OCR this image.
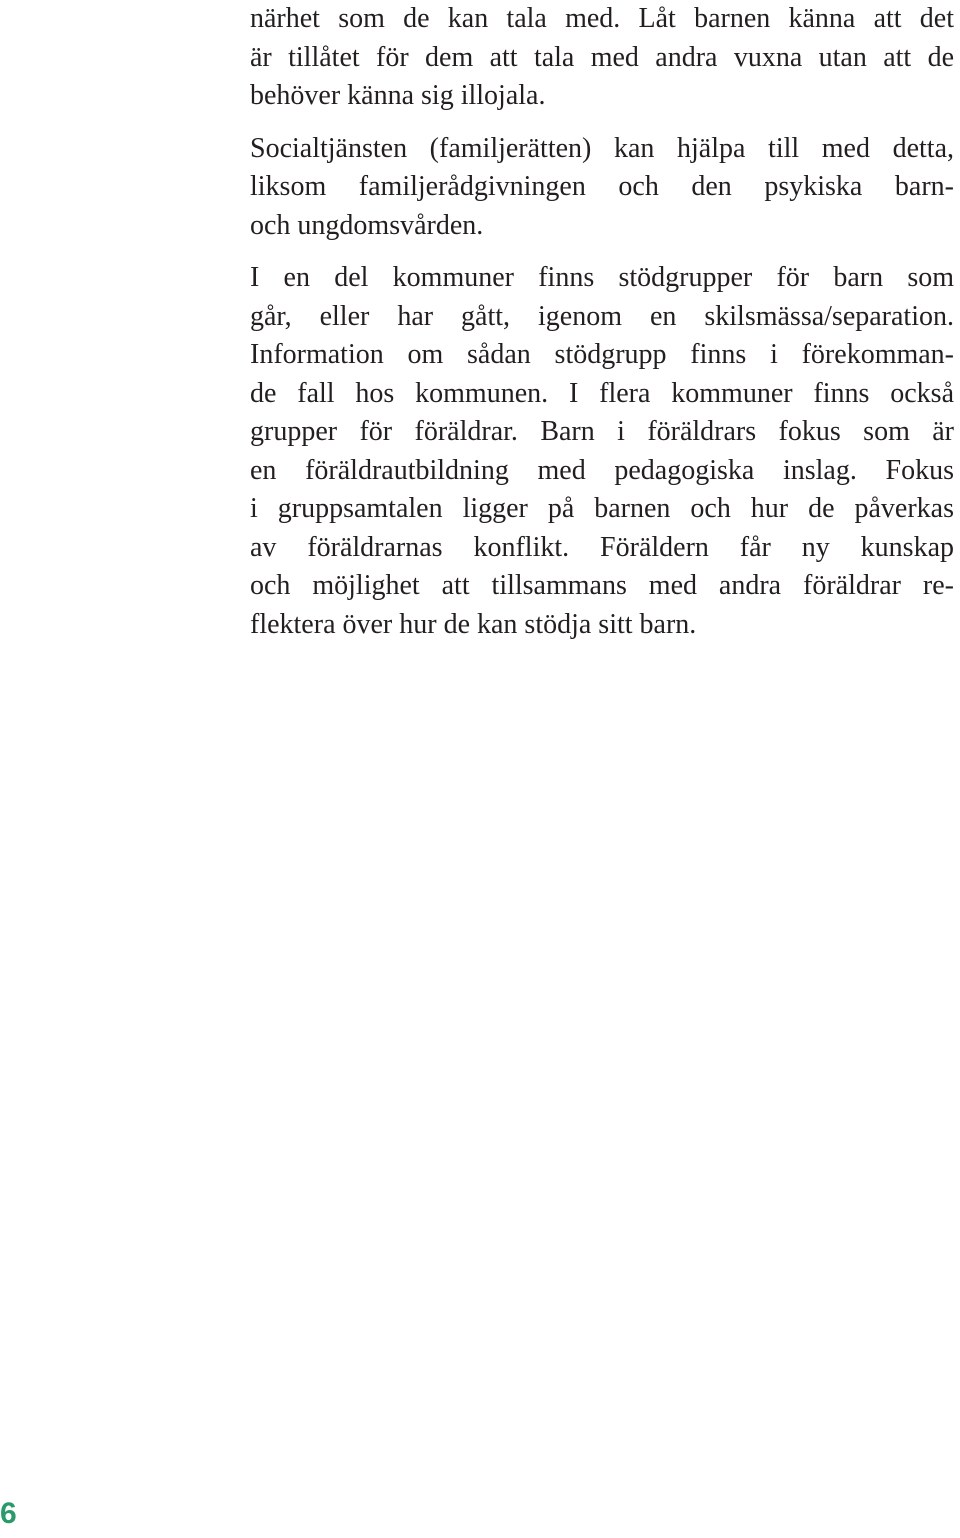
närhet som de kan tala med. Låt barnen känna att det
är tillåtet för dem att tala med andra vuxna utan att de
behöver känna sig illojala.
Socialtjänsten (familjerätten) kan hjälpa till med detta,
liksom familjerådgivningen och den psykiska barn-
och ungdomsvården.
I en del kommuner finns stödgrupper för barn som
går, eller har gått, igenom en skilsmässa/separation.
Information om sådan stödgrupp finns i förekomman-
de fall hos kommunen. I flera kommuner finns också
grupper för föräldrar. Barn i föräldrars fokus som är
en föräldrautbildning med pedagogiska inslag. Fokus
i gruppsamtalen ligger på barnen och hur de påverkas
av föräldrarnas konflikt. Föräldern får ny kunskap
och möjlighet att tillsammans med andra föräldrar re-
flektera över hur de kan stödja sitt barn.
6
